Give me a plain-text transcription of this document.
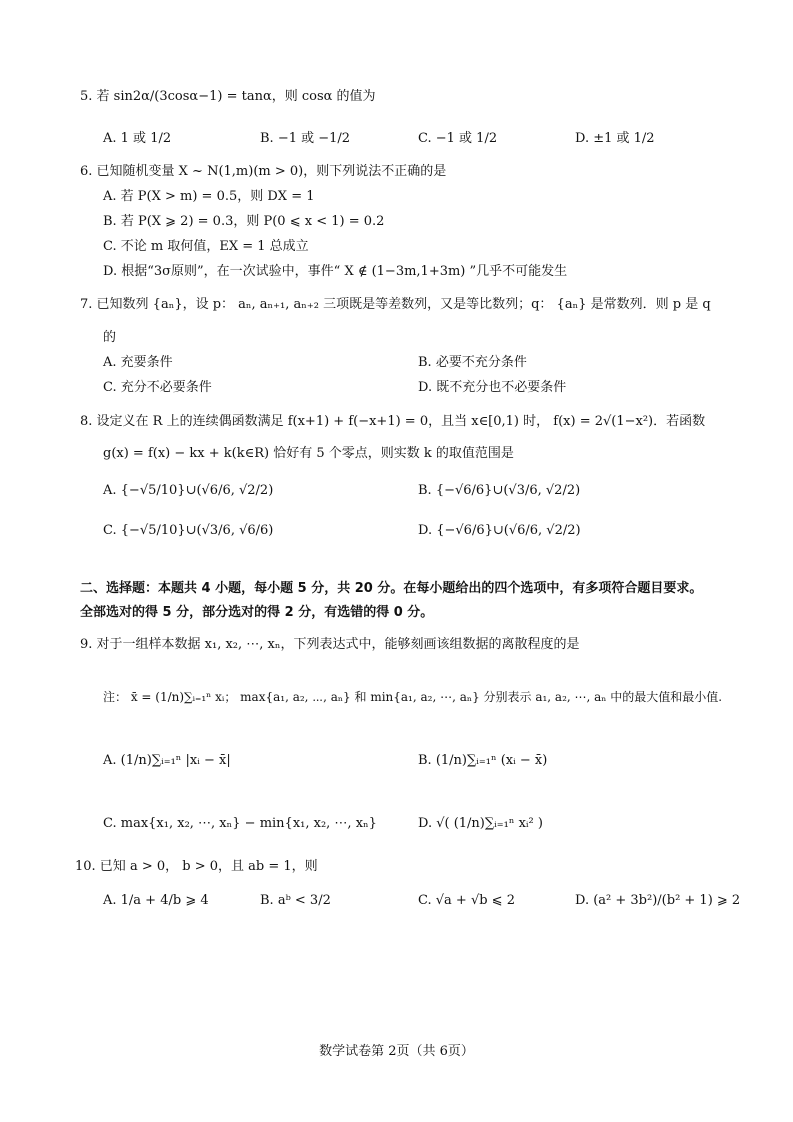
5. 若 sin2α/(3cosα−1) = tanα，则 cosα 的值为
A. 1 或 1/2	B. −1 或 −1/2	C. −1 或 1/2	D. ±1 或 1/2
6. 已知随机变量 X ~ N(1,m)(m > 0)，则下列说法不正确的是
A. 若 P(X > m) = 0.5，则 DX = 1
B. 若 P(X ⩾ 2) = 0.3，则 P(0 ⩽ x < 1) = 0.2
C. 不论 m 取何值，EX = 1 总成立
D. 根据“3σ原则”，在一次试验中，事件“ X ∉ (1−3m,1+3m) ”几乎不可能发生
7. 已知数列 {aₙ}，设 p： aₙ, aₙ₊₁, aₙ₊₂ 三项既是等差数列，又是等比数列；q： {aₙ} 是常数列．则 p 是 q
的
A. 充要条件	B. 必要不充分条件
C. 充分不必要条件	D. 既不充分也不必要条件
8. 设定义在 R 上的连续偶函数满足 f(x+1) + f(−x+1) = 0，且当 x∈[0,1) 时， f(x) = 2√(1−x²)．若函数
g(x) = f(x) − kx + k(k∈R) 恰好有 5 个零点，则实数 k 的取值范围是
A. {−√5/10}∪(√6/6, √2/2)	B. {−√6/6}∪(√3/6, √2/2)
C. {−√5/10}∪(√3/6, √6/6)	D. {−√6/6}∪(√6/6, √2/2)
二、选择题：本题共 4 小题，每小题 5 分，共 20 分。在每小题给出的四个选项中，有多项符合题目要求。
全部选对的得 5 分，部分选对的得 2 分，有选错的得 0 分。
9. 对于一组样本数据 x₁, x₂, ⋯, xₙ，下列表达式中，能够刻画该组数据的离散程度的是
注： x̄ = (1/n)∑ᵢ₌₁ⁿ xᵢ； max{a₁, a₂, ⋯, aₙ} 和 min{a₁, a₂, ⋯, aₙ} 分别表示 a₁, a₂, ⋯, aₙ 中的最大值和最小值.
A. (1/n)∑ᵢ₌₁ⁿ |xᵢ − x̄|	B. (1/n)∑ᵢ₌₁ⁿ (xᵢ − x̄)
C. max{x₁, x₂, ⋯, xₙ} − min{x₁, x₂, ⋯, xₙ}	D. √( (1/n)∑ᵢ₌₁ⁿ xᵢ² )
10. 已知 a > 0， b > 0，且 ab = 1，则
A. 1/a + 4/b ⩾ 4	B. aᵇ < 3/2	C. √a + √b ⩽ 2	D. (a² + 3b²)/(b² + 1) ⩾ 2
数学试卷第 2页（共 6页）
